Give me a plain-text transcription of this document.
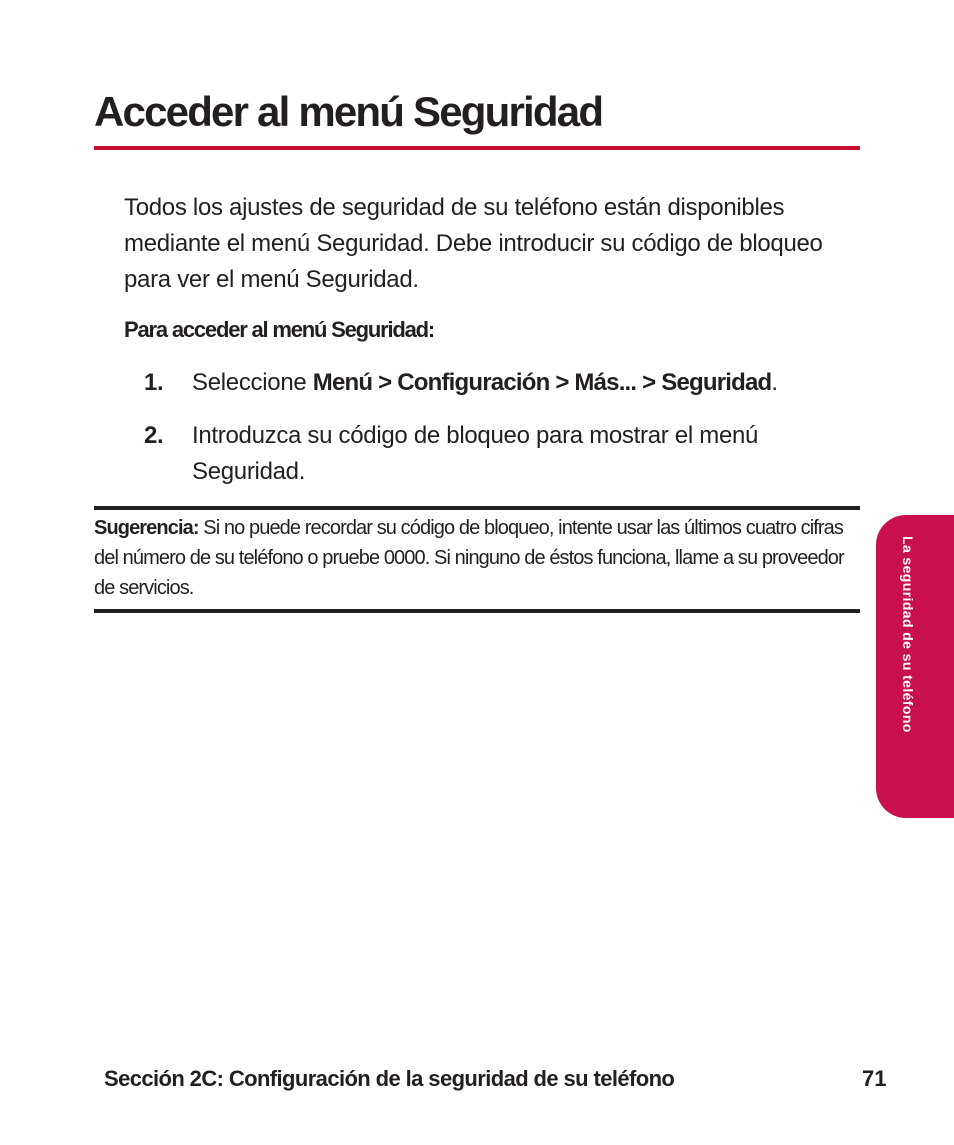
Acceder al menú Seguridad

Todos los ajustes de seguridad de su teléfono están disponibles mediante el menú Seguridad. Debe introducir su código de bloqueo para ver el menú Seguridad.

Para acceder al menú Seguridad:

1. Seleccione Menú > Configuración > Más... > Seguridad.
2. Introduzca su código de bloqueo para mostrar el menú Seguridad.

Sugerencia: Si no puede recordar su código de bloqueo, intente usar las últimos cuatro cifras del número de su teléfono o pruebe 0000. Si ninguno de éstos funciona, llame a su proveedor de servicios.	La seguridad de su teléfono
Sección 2C: Configuración de la seguridad de su teléfono	71
